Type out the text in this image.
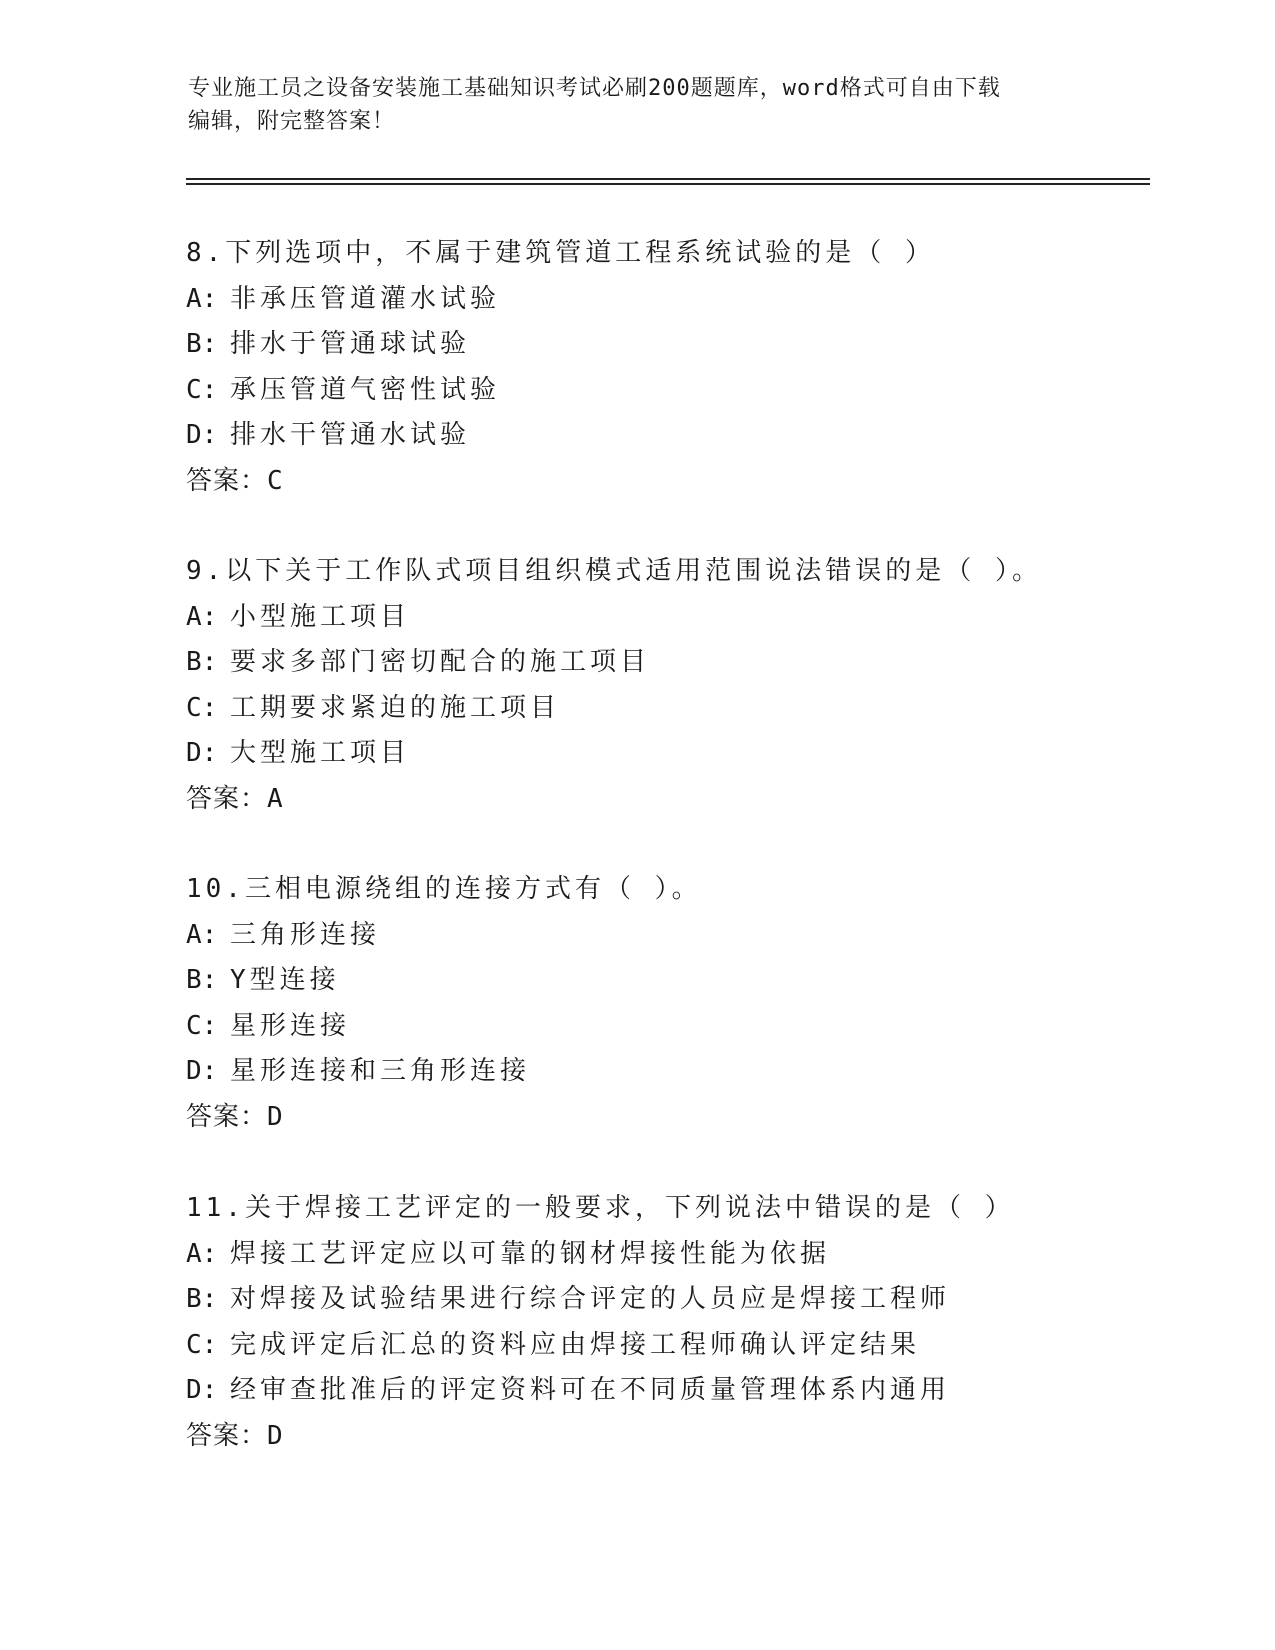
专业施工员之设备安装施工基础知识考试必刷200题题库，word格式可自由下载
编辑，附完整答案！
8.下列选项中，不属于建筑管道工程系统试验的是（ ）
A: 非承压管道灌水试验
B: 排水于管通球试验
C: 承压管道气密性试验
D: 排水干管通水试验
答案：C
9.以下关于工作队式项目组织模式适用范围说法错误的是（ ）。
A: 小型施工项目
B: 要求多部门密切配合的施工项目
C: 工期要求紧迫的施工项目
D: 大型施工项目
答案：A
10.三相电源绕组的连接方式有（ ）。
A: 三角形连接
B: Y型连接
C: 星形连接
D: 星形连接和三角形连接
答案：D
11.关于焊接工艺评定的一般要求，下列说法中错误的是（ ）
A: 焊接工艺评定应以可靠的钢材焊接性能为依据
B: 对焊接及试验结果进行综合评定的人员应是焊接工程师
C: 完成评定后汇总的资料应由焊接工程师确认评定结果
D: 经审查批准后的评定资料可在不同质量管理体系内通用
答案：D
